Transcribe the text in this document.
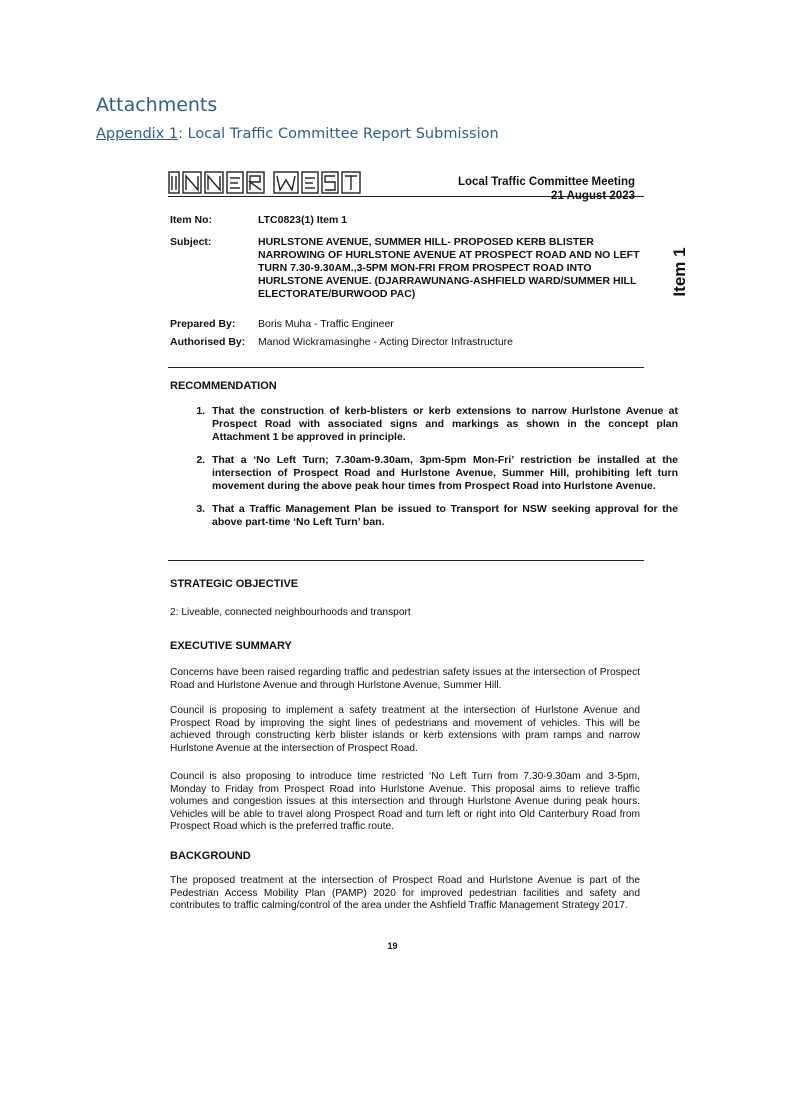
Attachments
Appendix 1: Local Traffic Committee Report Submission
Local Traffic Committee Meeting
21 August 2023
Item 1
Item No:	LTC0823(1) Item 1
Subject:	HURLSTONE AVENUE, SUMMER HILL- PROPOSED KERB BLISTER NARROWING OF HURLSTONE AVENUE AT PROSPECT ROAD AND NO LEFT TURN 7.30-9.30AM.,3-5PM MON-FRI FROM PROSPECT ROAD INTO HURLSTONE AVENUE. (DJARRAWUNANG-ASHFIELD WARD/SUMMER HILL ELECTORATE/BURWOOD PAC)
Prepared By: Boris Muha - Traffic Engineer
Authorised By: Manod Wickramasinghe - Acting Director Infrastructure
RECOMMENDATION
1. That the construction of kerb-blisters or kerb extensions to narrow Hurlstone Avenue at Prospect Road with associated signs and markings as shown in the concept plan Attachment 1 be approved in principle.
2. That a ‘No Left Turn; 7.30am-9.30am, 3pm-5pm Mon-Fri’ restriction be installed at the intersection of Prospect Road and Hurlstone Avenue, Summer Hill, prohibiting left turn movement during the above peak hour times from Prospect Road into Hurlstone Avenue.
3. That a Traffic Management Plan be issued to Transport for NSW seeking approval for the above part-time ‘No Left Turn’ ban.
STRATEGIC OBJECTIVE
2: Liveable, connected neighbourhoods and transport
EXECUTIVE SUMMARY
Concerns have been raised regarding traffic and pedestrian safety issues at the intersection of Prospect Road and Hurlstone Avenue and through Hurlstone Avenue, Summer Hill.
Council is proposing to implement a safety treatment at the intersection of Hurlstone Avenue and Prospect Road by improving the sight lines of pedestrians and movement of vehicles. This will be achieved through constructing kerb blister islands or kerb extensions with pram ramps and narrow Hurlstone Avenue at the intersection of Prospect Road.
Council is also proposing to introduce time restricted ‘No Left Turn from 7.30-9.30am and 3-5pm, Monday to Friday from Prospect Road into Hurlstone Avenue. This proposal aims to relieve traffic volumes and congestion issues at this intersection and through Hurlstone Avenue during peak hours. Vehicles will be able to travel along Prospect Road and turn left or right into Old Canterbury Road from Prospect Road which is the preferred traffic route.
BACKGROUND
The proposed treatment at the intersection of Prospect Road and Hurlstone Avenue is part of the Pedestrian Access Mobility Plan (PAMP) 2020 for improved pedestrian facilities and safety and contributes to traffic calming/control of the area under the Ashfield Traffic Management Strategy 2017.
19
